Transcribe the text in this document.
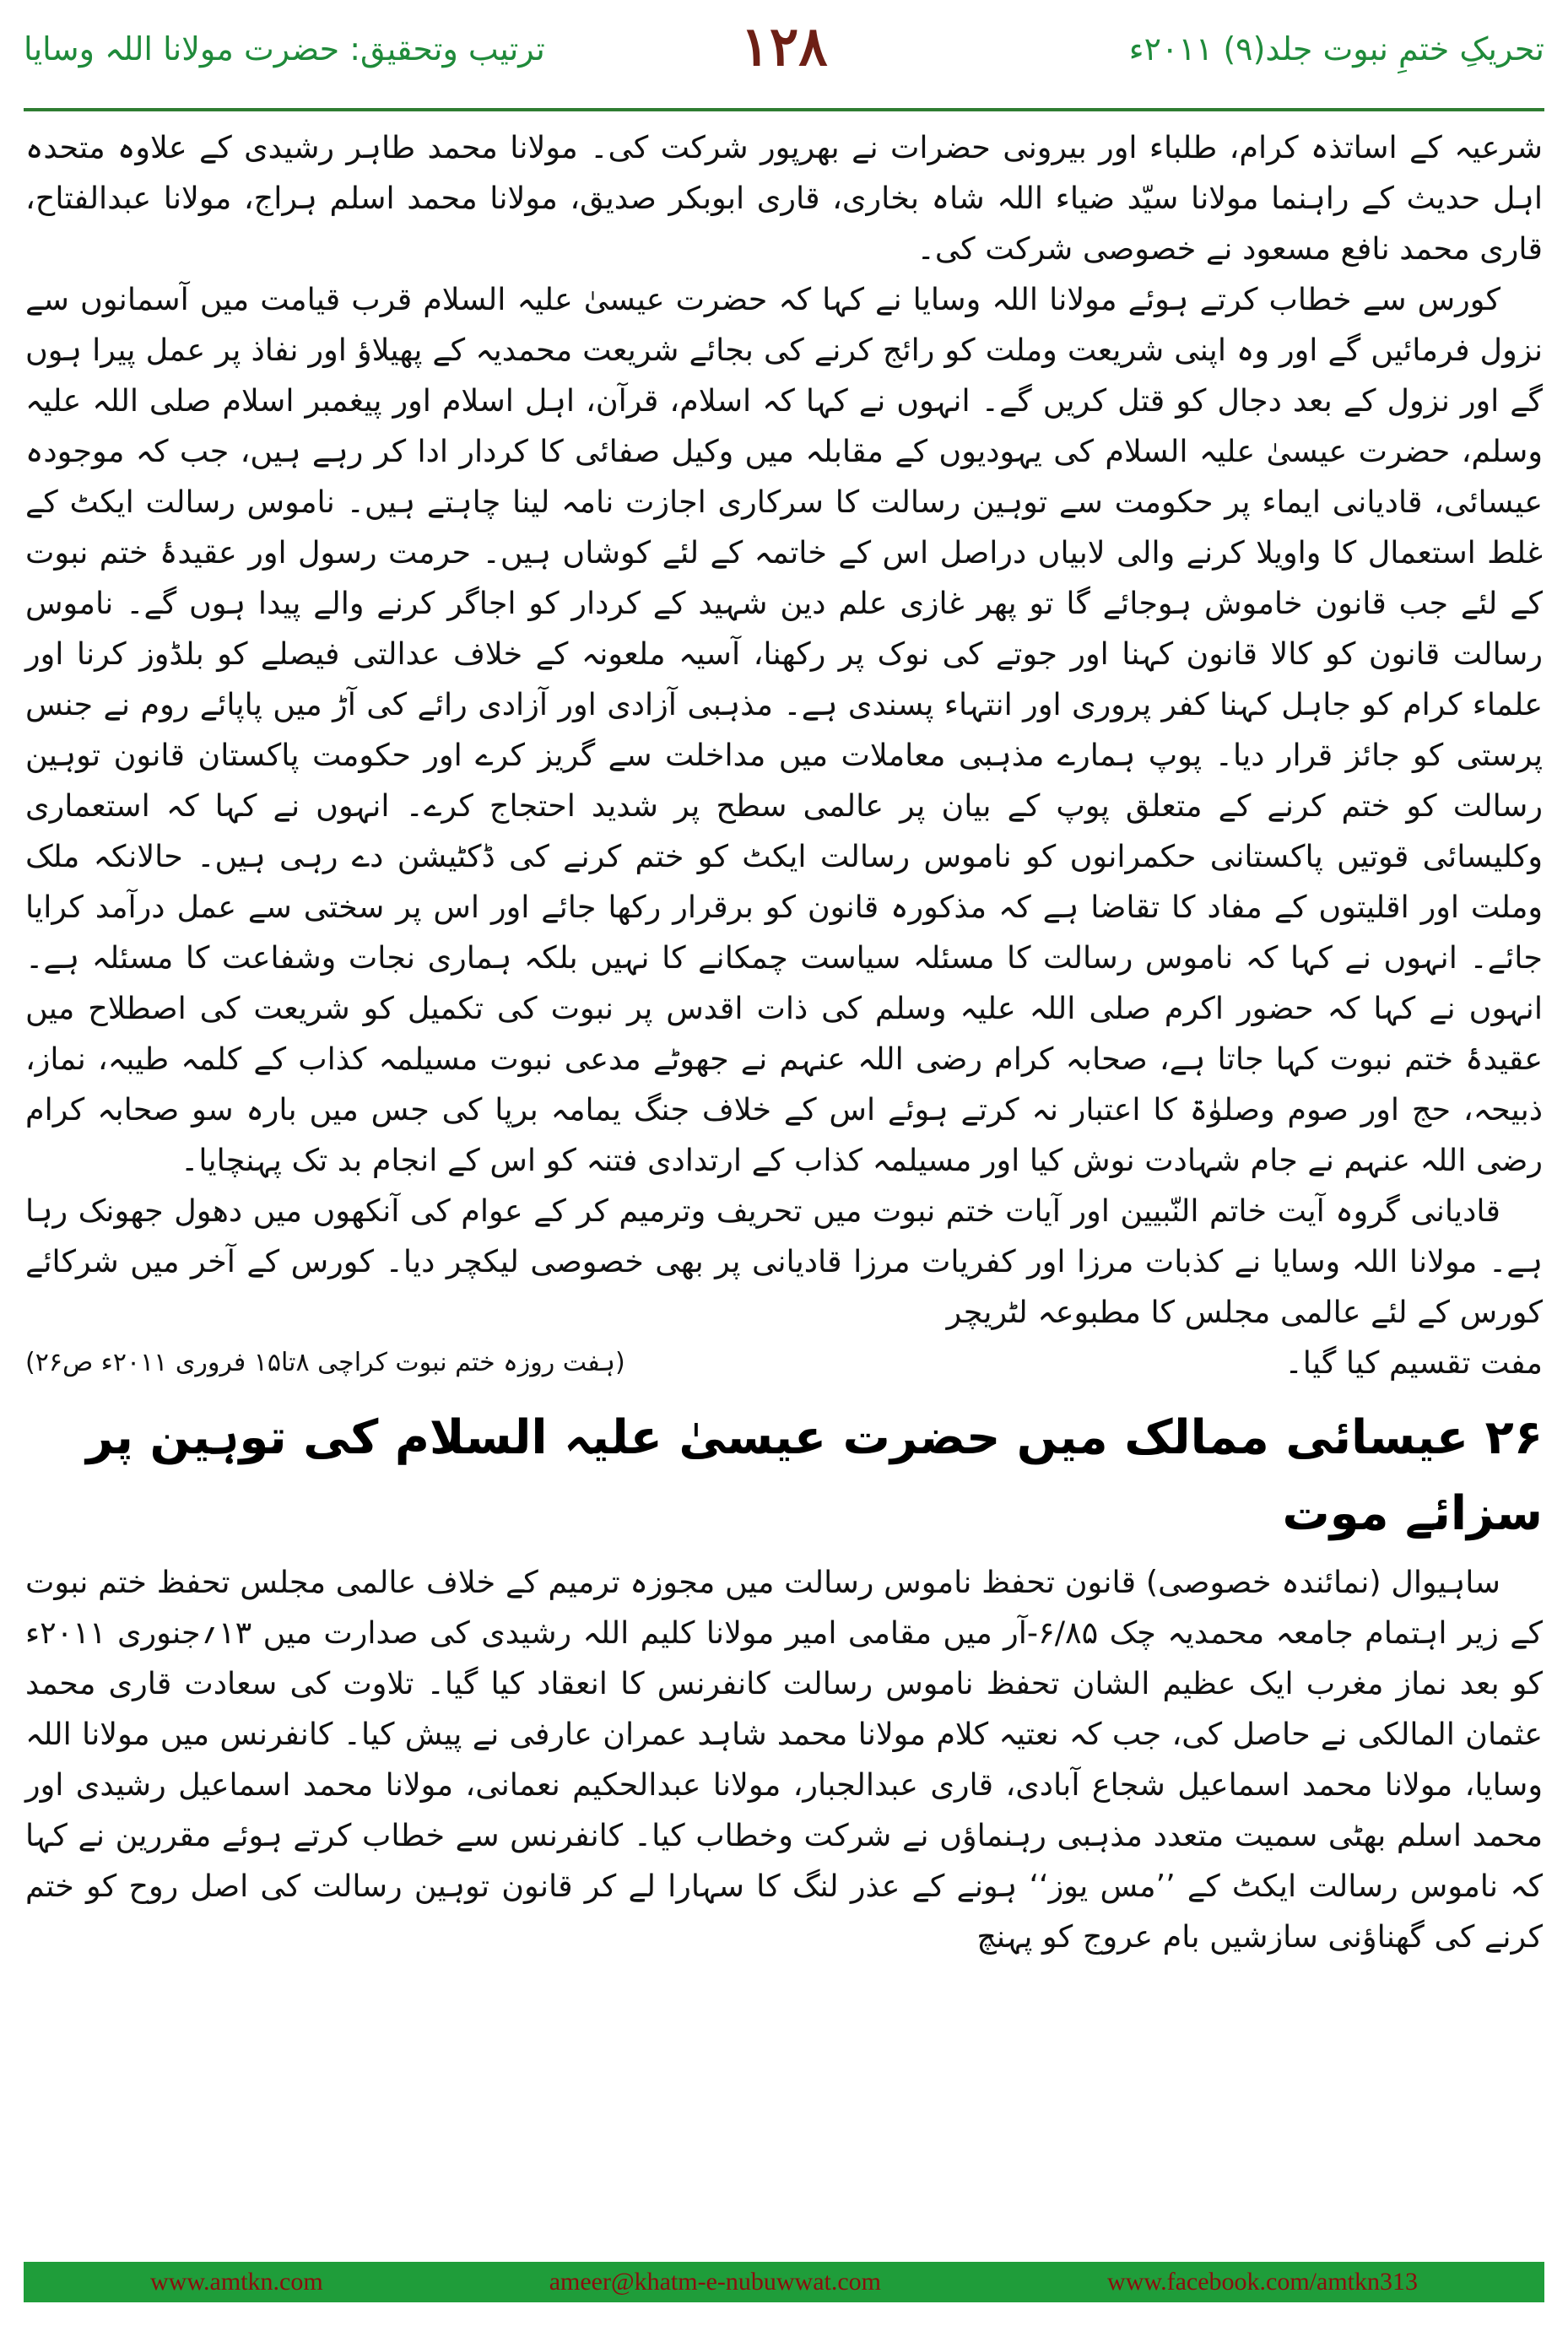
تحریکِ ختمِ نبوت جلد(۹) ۲۰۱۱ء
۱۲۸
ترتیب وتحقیق: حضرت مولانا اللہ وسایا

شرعیہ کے اساتذہ کرام، طلباء اور بیرونی حضرات نے بھرپور شرکت کی۔ مولانا محمد طاہر رشیدی کے علاوہ متحدہ اہل حدیث کے راہنما مولانا سیّد ضیاء اللہ شاہ بخاری، قاری ابوبکر صدیق، مولانا محمد اسلم ہراج، مولانا عبدالفتاح، قاری محمد نافع مسعود نے خصوصی شرکت کی۔

کورس سے خطاب کرتے ہوئے مولانا اللہ وسایا نے کہا کہ حضرت عیسیٰ علیہ السلام قرب قیامت میں آسمانوں سے نزول فرمائیں گے اور وہ اپنی شریعت وملت کو رائج کرنے کی بجائے شریعت محمدیہ کے پھیلاؤ اور نفاذ پر عمل پیرا ہوں گے اور نزول کے بعد دجال کو قتل کریں گے۔ انہوں نے کہا کہ اسلام، قرآن، اہل اسلام اور پیغمبر اسلام صلی اللہ علیہ وسلم، حضرت عیسیٰ علیہ السلام کی یہودیوں کے مقابلہ میں وکیل صفائی کا کردار ادا کر رہے ہیں، جب کہ موجودہ عیسائی، قادیانی ایماء پر حکومت سے توہین رسالت کا سرکاری اجازت نامہ لینا چاہتے ہیں۔ ناموس رسالت ایکٹ کے غلط استعمال کا واویلا کرنے والی لابیاں دراصل اس کے خاتمہ کے لئے کوشاں ہیں۔ حرمت رسول اور عقیدۂ ختم نبوت کے لئے جب قانون خاموش ہوجائے گا تو پھر غازی علم دین شہید کے کردار کو اجاگر کرنے والے پیدا ہوں گے۔ ناموس رسالت قانون کو کالا قانون کہنا اور جوتے کی نوک پر رکھنا، آسیہ ملعونہ کے خلاف عدالتی فیصلے کو بلڈوز کرنا اور علماء کرام کو جاہل کہنا کفر پروری اور انتہاء پسندی ہے۔ مذہبی آزادی اور آزادی رائے کی آڑ میں پاپائے روم نے جنس پرستی کو جائز قرار دیا۔ پوپ ہمارے مذہبی معاملات میں مداخلت سے گریز کرے اور حکومت پاکستان قانون توہین رسالت کو ختم کرنے کے متعلق پوپ کے بیان پر عالمی سطح پر شدید احتجاج کرے۔ انہوں نے کہا کہ استعماری وکلیسائی قوتیں پاکستانی حکمرانوں کو ناموس رسالت ایکٹ کو ختم کرنے کی ڈکٹیشن دے رہی ہیں۔ حالانکہ ملک وملت اور اقلیتوں کے مفاد کا تقاضا ہے کہ مذکورہ قانون کو برقرار رکھا جائے اور اس پر سختی سے عمل درآمد کرایا جائے۔ انہوں نے کہا کہ ناموس رسالت کا مسئلہ سیاست چمکانے کا نہیں بلکہ ہماری نجات وشفاعت کا مسئلہ ہے۔ انہوں نے کہا کہ حضور اکرم صلی اللہ علیہ وسلم کی ذات اقدس پر نبوت کی تکمیل کو شریعت کی اصطلاح میں عقیدۂ ختم نبوت کہا جاتا ہے، صحابہ کرام رضی اللہ عنہم نے جھوٹے مدعی نبوت مسیلمہ کذاب کے کلمہ طیبہ، نماز، ذبیحہ، حج اور صوم وصلوٰۃ کا اعتبار نہ کرتے ہوئے اس کے خلاف جنگ یمامہ برپا کی جس میں بارہ سو صحابہ کرام رضی اللہ عنہم نے جام شہادت نوش کیا اور مسیلمہ کذاب کے ارتدادی فتنہ کو اس کے انجام بد تک پہنچایا۔

قادیانی گروہ آیت خاتم النّبیین اور آیات ختم نبوت میں تحریف وترمیم کر کے عوام کی آنکھوں میں دھول جھونک رہا ہے۔ مولانا اللہ وسایا نے کذبات مرزا اور کفریات مرزا قادیانی پر بھی خصوصی لیکچر دیا۔ کورس کے آخر میں شرکائے کورس کے لئے عالمی مجلس کا مطبوعہ لٹریچر

مفت تقسیم کیا گیا۔
(ہفت روزہ ختم نبوت کراچی ۸تا۱۵ فروری ۲۰۱۱ء ص۲۶)
۲۶ عیسائی ممالک میں حضرت عیسیٰ علیہ السلام کی توہین پر سزائے موت

ساہیوال (نمائندہ خصوصی) قانون تحفظ ناموس رسالت میں مجوزہ ترمیم کے خلاف عالمی مجلس تحفظ ختم نبوت کے زیر اہتمام جامعہ محمدیہ چک ۶/۸۵-آر میں مقامی امیر مولانا کلیم اللہ رشیدی کی صدارت میں ۱۳؍جنوری ۲۰۱۱ء کو بعد نماز مغرب ایک عظیم الشان تحفظ ناموس رسالت کانفرنس کا انعقاد کیا گیا۔ تلاوت کی سعادت قاری محمد عثمان المالکی نے حاصل کی، جب کہ نعتیہ کلام مولانا محمد شاہد عمران عارفی نے پیش کیا۔ کانفرنس میں مولانا اللہ وسایا، مولانا محمد اسماعیل شجاع آبادی، قاری عبدالجبار، مولانا عبدالحکیم نعمانی، مولانا محمد اسماعیل رشیدی اور محمد اسلم بھٹی سمیت متعدد مذہبی رہنماؤں نے شرکت وخطاب کیا۔ کانفرنس سے خطاب کرتے ہوئے مقررین نے کہا کہ ناموس رسالت ایکٹ کے ’’مس یوز‘‘ ہونے کے عذر لنگ کا سہارا لے کر قانون توہین رسالت کی اصل روح کو ختم کرنے کی گھناؤنی سازشیں بام عروج کو پہنچ

www.amtkn.com	ameer@khatm-e-nubuwwat.com	www.facebook.com/amtkn313
